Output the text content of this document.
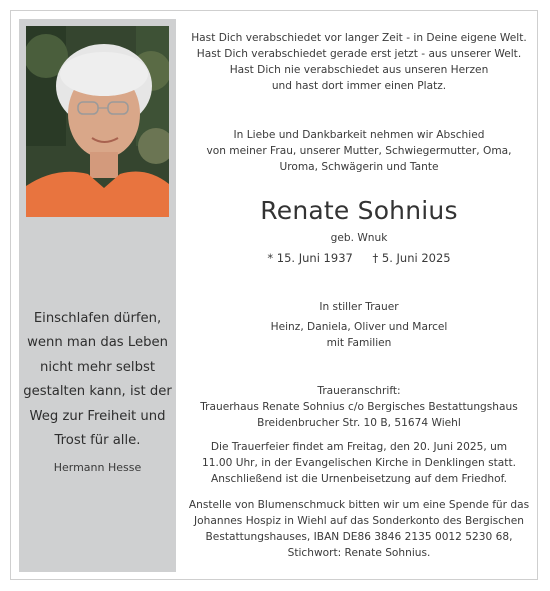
Einschlafen dürfen,
wenn man das Leben
nicht mehr selbst
gestalten kann, ist der
Weg zur Freiheit und
Trost für alle.
Hermann Hesse
Hast Dich verabschiedet vor langer Zeit - in Deine eigene Welt.
Hast Dich verabschiedet gerade erst jetzt - aus unserer Welt.
Hast Dich nie verabschiedet aus unseren Herzen
und hast dort immer einen Platz.
In Liebe und Dankbarkeit nehmen wir Abschied
von meiner Frau, unserer Mutter, Schwiegermutter, Oma,
Uroma, Schwägerin und Tante
Renate Sohnius
geb. Wnuk
* 15. Juni 1937 † 5. Juni 2025
In stiller Trauer
Heinz, Daniela, Oliver und Marcel
mit Familien
Traueranschrift:
Trauerhaus Renate Sohnius c/o Bergisches Bestattungshaus
Breidenbrucher Str. 10 B, 51674 Wiehl
Die Trauerfeier findet am Freitag, den 20. Juni 2025, um
11.00 Uhr, in der Evangelischen Kirche in Denklingen statt.
Anschließend ist die Urnenbeisetzung auf dem Friedhof.
Anstelle von Blumenschmuck bitten wir um eine Spende für das
Johannes Hospiz in Wiehl auf das Sonderkonto des Bergischen
Bestattungshauses, IBAN DE86 3846 2135 0012 5230 68,
Stichwort: Renate Sohnius.
